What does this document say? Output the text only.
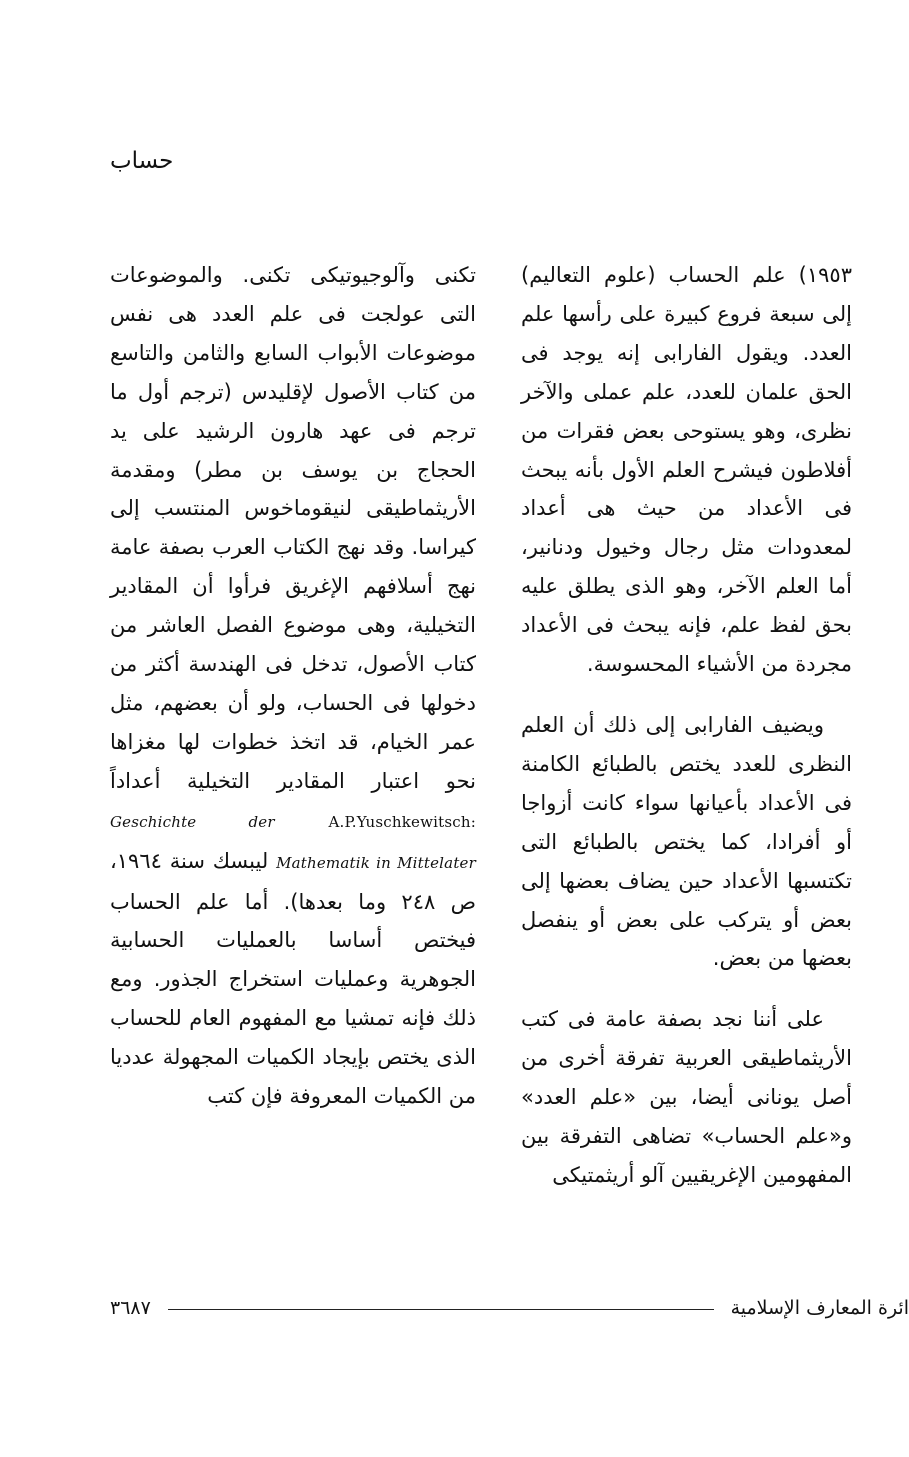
حساب

١٩٥٣) علم الحساب (علوم التعاليم) إلى سبعة فروع كبيرة على رأسها علم العدد. ويقول الفارابى إنه يوجد فى الحق علمان للعدد، علم عملى والآخر نظرى، وهو يستوحى بعض فقرات من أفلاطون فيشرح العلم الأول بأنه يبحث فى الأعداد من حيث هى أعداد لمعدودات مثل رجال وخيول ودنانير، أما العلم الآخر، وهو الذى يطلق عليه بحق لفظ علم، فإنه يبحث فى الأعداد مجردة من الأشياء المحسوسة.

ويضيف الفارابى إلى ذلك أن العلم النظرى للعدد يختص بالطبائع الكامنة فى الأعداد بأعيانها سواء كانت أزواجا أو أفرادا، كما يختص بالطبائع التى تكتسبها الأعداد حين يضاف بعضها إلى بعض أو يتركب على بعض أو ينفصل بعضها من بعض.

على أننا نجد بصفة عامة فى كتب الأريثماطيقى العربية تفرقة أخرى من أصل يونانى أيضا، بين «علم العدد» و«علم الحساب» تضاهى التفرقة بين المفهومين الإغريقيين آلو أريثمتيكى

تكنى وآلوجيوتيكى تكنى. والموضوعات التى عولجت فى علم العدد هى نفس موضوعات الأبواب السابع والثامن والتاسع من كتاب الأصول لإقليدس (ترجم أول ما ترجم فى عهد هارون الرشيد على يد الحجاج بن يوسف بن مطر) ومقدمة الأريثماطيقى لنيقوماخوس المنتسب إلى كيراسا. وقد نهج الكتاب العرب بصفة عامة نهج أسلافهم الإغريق فرأوا أن المقادير التخيلية، وهى موضوع الفصل العاشر من كتاب الأصول، تدخل فى الهندسة أكثر من دخولها فى الحساب، ولو أن بعضهم، مثل عمر الخيام، قد اتخذ خطوات لها مغزاها نحو اعتبار المقادير التخيلية أعداداً A.P.Yuschkewitsch: Geschichte der Mathematik in Mittelater ليبسك سنة ١٩٦٤، ص ٢٤٨ وما بعدها). أما علم الحساب فيختص أساسا بالعمليات الحسابية الجوهرية وعمليات استخراج الجذور. ومع ذلك فإنه تمشيا مع المفهوم العام للحساب الذى يختص بإيجاد الكميات المجهولة عدديا من الكميات المعروفة فإن كتب

٣٦٨٧	ائرة المعارف الإسلامية
